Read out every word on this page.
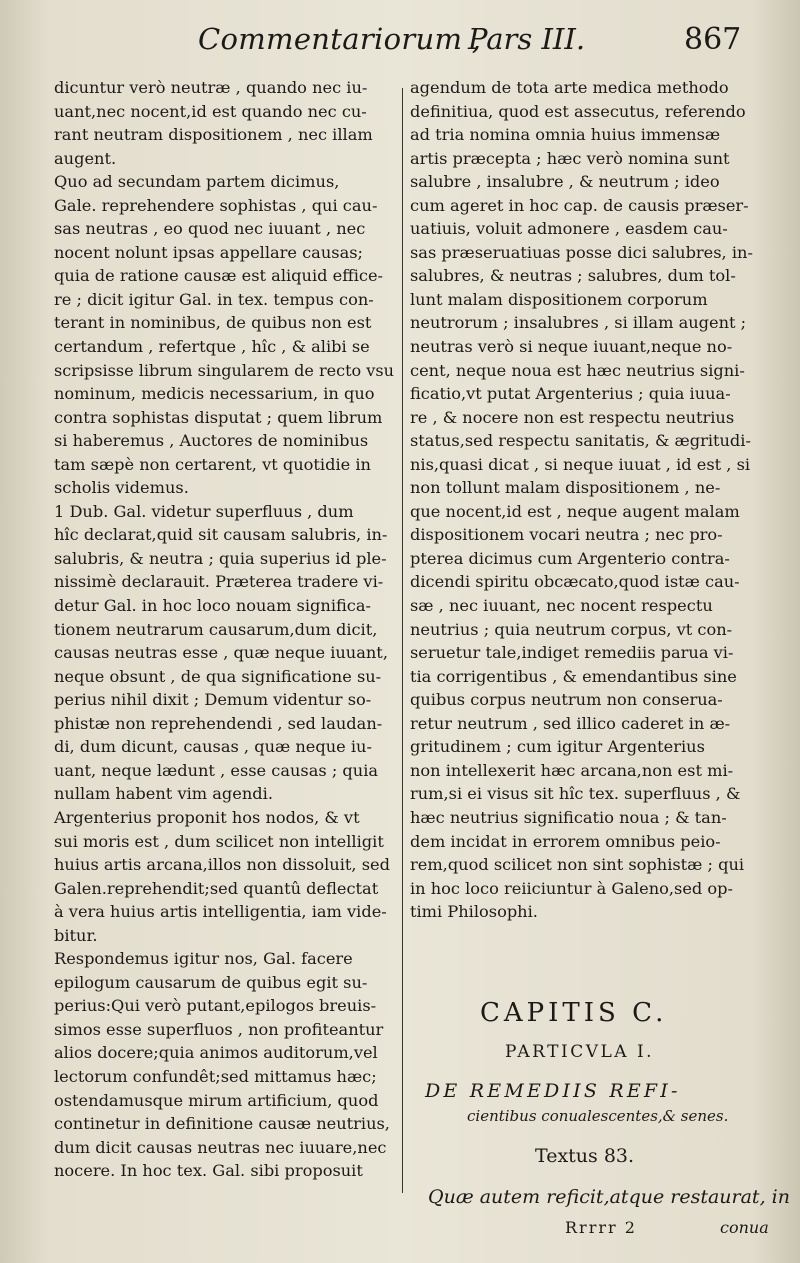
Commentariorum ,
Pars III.	867
dicuntur verò neutræ , quando nec iu-
uant,nec nocent,id est quando nec cu-
rant neutram dispositionem , nec illam
augent.
Quo ad secundam partem dicimus,
Gale. reprehendere sophistas , qui cau-
sas neutras , eo quod nec iuuant , nec
nocent nolunt ipsas appellare causas;
quia de ratione causæ est aliquid effice-
re ; dicit igitur Gal. in tex. tempus con-
terant in nominibus, de quibus non est
certandum , refertque , hîc , & alibi se
scripsisse librum singularem de recto vsu
nominum, medicis necessarium, in quo
contra sophistas disputat ; quem librum
si haberemus , Auctores de nominibus
tam sæpè non certarent, vt quotidie in
scholis videmus.
1 Dub. Gal. videtur superfluus , dum
hîc declarat,quid sit causam salubris, in-
salubris, & neutra ; quia superius id ple-
nissimè declarauit. Præterea tradere vi-
detur Gal. in hoc loco nouam significa-
tionem neutrarum causarum,dum dicit,
causas neutras esse , quæ neque iuuant,
neque obsunt , de qua significatione su-
perius nihil dixit ; Demum videntur so-
phistæ non reprehendendi , sed laudan-
di, dum dicunt, causas , quæ neque iu-
uant, neque lædunt , esse causas ; quia
nullam habent vim agendi.
Argenterius proponit hos nodos, & vt
sui moris est , dum scilicet non intelligit
huius artis arcana,illos non dissoluit, sed
Galen.reprehendit;sed quantû deflectat
à vera huius artis intelligentia, iam vide-
bitur.
Respondemus igitur nos, Gal. facere
epilogum causarum de quibus egit su-
perius:Qui verò putant,epilogos breuis-
simos esse superfluos , non profiteantur
alios docere;quia animos auditorum,vel
lectorum confundêt;sed mittamus hæc;
ostendamusque mirum artificium, quod
continetur in definitione causæ neutrius,
dum dicit causas neutras nec iuuare,nec
nocere. In hoc tex. Gal. sibi proposuit
agendum de tota arte medica methodo
definitiua, quod est assecutus, referendo
ad tria nomina omnia huius immensæ
artis præcepta ; hæc verò nomina sunt
salubre , insalubre , & neutrum ; ideo
cum ageret in hoc cap. de causis præser-
uatiuis, voluit admonere , easdem cau-
sas præseruatiuas posse dici salubres, in-
salubres, & neutras ; salubres, dum tol-
lunt malam dispositionem corporum
neutrorum ; insalubres , si illam augent ;
neutras verò si neque iuuant,neque no-
cent, neque noua est hæc neutrius signi-
ficatio,vt putat Argenterius ; quia iuua-
re , & nocere non est respectu neutrius
status,sed respectu sanitatis, & ægritudi-
nis,quasi dicat , si neque iuuat , id est , si
non tollunt malam dispositionem , ne-
que nocent,id est , neque augent malam
dispositionem vocari neutra ; nec pro-
pterea dicimus cum Argenterio contra-
dicendi spiritu obcæcato,quod istæ cau-
sæ , nec iuuant, nec nocent respectu
neutrius ; quia neutrum corpus, vt con-
seruetur tale,indiget remediis parua vi-
tia corrigentibus , & emendantibus sine
quibus corpus neutrum non conserua-
retur neutrum , sed illico caderet in æ-
gritudinem ; cum igitur Argenterius
non intellexerit hæc arcana,non est mi-
rum,si ei visus sit hîc tex. superfluus , &
hæc neutrius significatio noua ; & tan-
dem incidat in errorem omnibus peio-
rem,quod scilicet non sint sophistæ ; qui
in hoc loco reiiciuntur à Galeno,sed op-
timi Philosophi.
CAPITIS C.
PARTICVLA I.
DE REMEDIIS REFI-
cientibus conualescentes,& senes.
Textus 83.
Quæ autem reficit,atque restaurat, in
Rrrrr 2	conua
